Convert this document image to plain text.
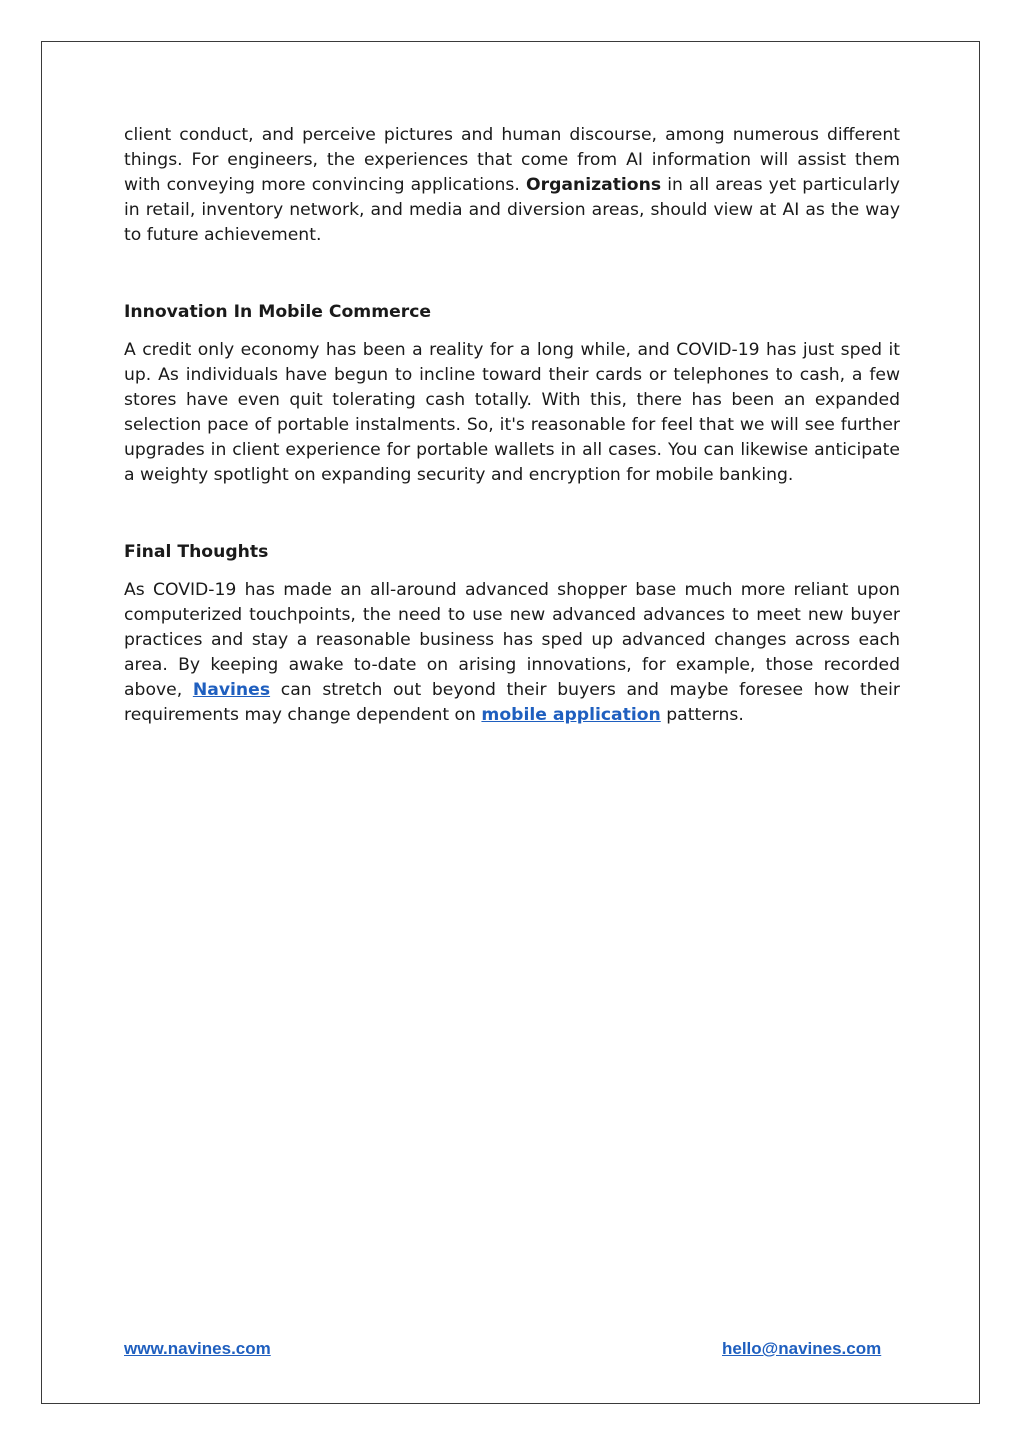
client conduct, and perceive pictures and human discourse, among numerous different things. For engineers, the experiences that come from AI information will assist them with conveying more convincing applications. Organizations in all areas yet particularly in retail, inventory network, and media and diversion areas, should view at AI as the way to future achievement.

Innovation In Mobile Commerce

A credit only economy has been a reality for a long while, and COVID-19 has just sped it up. As individuals have begun to incline toward their cards or telephones to cash, a few stores have even quit tolerating cash totally. With this, there has been an expanded selection pace of portable instalments. So, it's reasonable for feel that we will see further upgrades in client experience for portable wallets in all cases. You can likewise anticipate a weighty spotlight on expanding security and encryption for mobile banking.

Final Thoughts

As COVID-19 has made an all-around advanced shopper base much more reliant upon computerized touchpoints, the need to use new advanced advances to meet new buyer practices and stay a reasonable business has sped up advanced changes across each area. By keeping awake to-date on arising innovations, for example, those recorded above, Navines can stretch out beyond their buyers and maybe foresee how their requirements may change dependent on mobile application patterns.

www.navines.com	hello@navines.com
